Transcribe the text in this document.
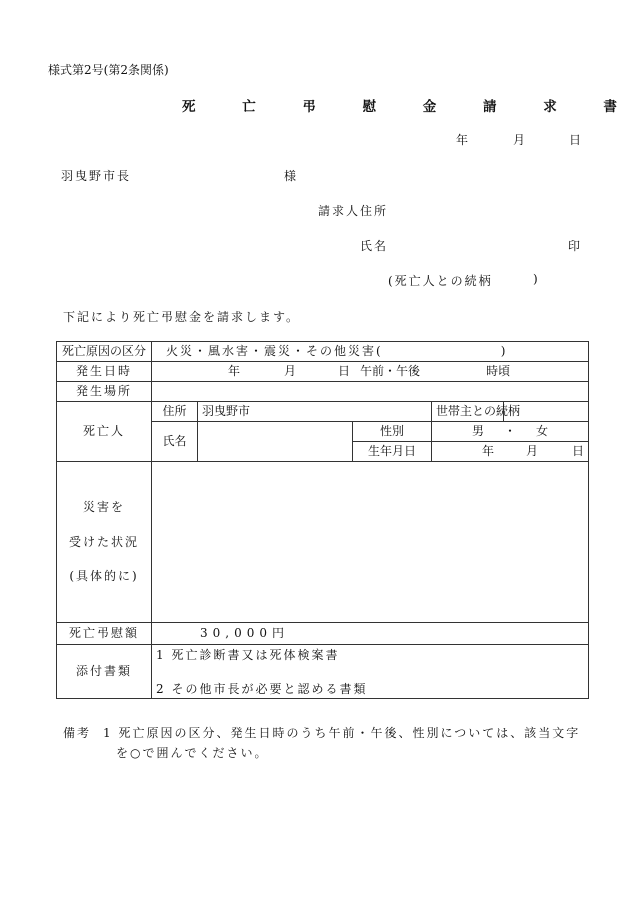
様式第2号(第2条関係)
死 亡 弔 慰 金 請 求 書
年	月	日
羽曳野市長	様
請求人住所
氏名	印
(死亡人との続柄	)
下記により死亡弔慰金を請求します。
死亡原因の区分	火災・風水害・震災・その他災害( )				
発生日時	年 月 日 午前・午後 時頃				
発生場所					
死亡人	住所	羽曳野市		世帯主との続柄	
	氏名		性別	男 ・ 女	
			生年月日	年 月 日	

災害を
受けた状況
(具体的に)					

死亡弔慰額	30,000円				
添付書類	1 死亡診断書又は死体検案書
2 その他市長が必要と認める書類				
備考 1 死亡原因の区分、発生日時のうち午前・午後、性別については、該当文字
を○で囲んでください。
